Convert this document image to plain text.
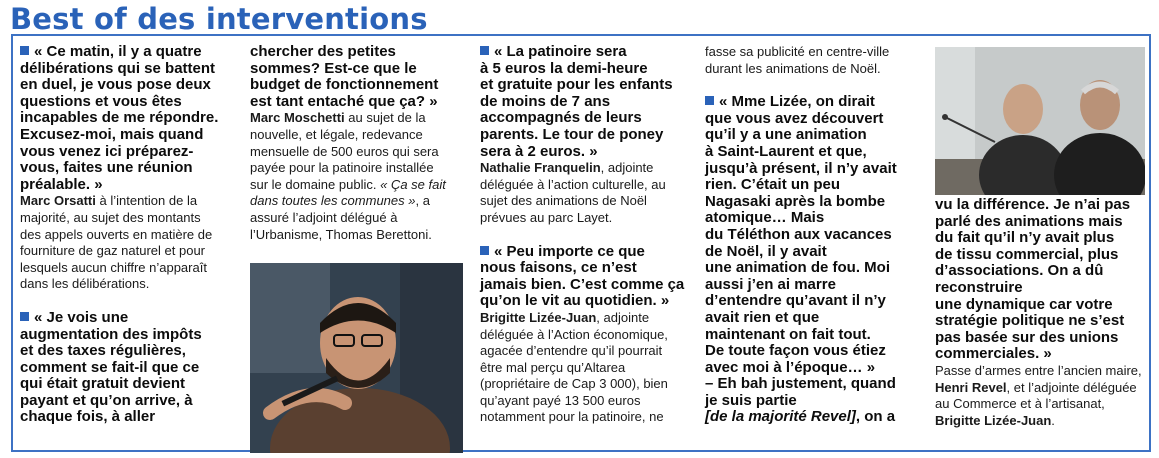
Best of des interventions
« Ce matin, il y a quatre
délibérations qui se battent
en duel, je vous pose deux
questions et vous êtes
incapables de me répondre.
Excusez-moi, mais quand
vous venez ici préparez-
vous, faites une réunion
préalable. »
Marc Orsatti à l’intention de la
majorité, au sujet des montants
des appels ouverts en matière de
fourniture de gaz naturel et pour
lesquels aucun chiffre n’apparaît
dans les délibérations.
« Je vois une
augmentation des impôts
et des taxes régulières,
comment se fait-il que ce
qui était gratuit devient
payant et qu’on arrive, à
chaque fois, à aller
chercher des petites
sommes? Est-ce que le
budget de fonctionnement
est tant entaché que ça? »
Marc Moschetti au sujet de la
nouvelle, et légale, redevance
mensuelle de 500 euros qui sera
payée pour la patinoire installée
sur le domaine public. « Ça se fait
dans toutes les communes », a
assuré l’adjoint délégué à
l’Urbanisme, Thomas Berettoni.
« La patinoire sera
à 5 euros la demi-heure
et gratuite pour les enfants
de moins de 7 ans
accompagnés de leurs
parents. Le tour de poney
sera à 2 euros. »
Nathalie Franquelin, adjointe
déléguée à l’action culturelle, au
sujet des animations de Noël
prévues au parc Layet.
« Peu importe ce que
nous faisons, ce n’est
jamais bien. C’est comme ça
qu’on le vit au quotidien. »
Brigitte Lizée-Juan, adjointe
déléguée à l’Action économique,
agacée d’entendre qu’il pourrait
être mal perçu qu’Altarea
(propriétaire de Cap 3 000), bien
qu’ayant payé 13 500 euros
notamment pour la patinoire, ne
fasse sa publicité en centre-ville
durant les animations de Noël.
« Mme Lizée, on dirait
que vous avez découvert
qu’il y a une animation
à Saint-Laurent et que,
jusqu’à présent, il n’y avait
rien. C’était un peu
Nagasaki après la bombe
atomique… Mais
du Téléthon aux vacances
de Noël, il y avait
une animation de fou. Moi
aussi j’en ai marre
d’entendre qu’avant il n’y
avait rien et que
maintenant on fait tout.
De toute façon vous étiez
avec moi à l’époque… »
– Eh bah justement, quand
je suis partie
[de la majorité Revel], on a
vu la différence. Je n’ai pas
parlé des animations mais
du fait qu’il n’y avait plus
de tissu commercial, plus
d’associations. On a dû
reconstruire
une dynamique car votre
stratégie politique ne s’est
pas basée sur des unions
commerciales. »
Passe d’armes entre l’ancien maire,
Henri Revel, et l’adjointe déléguée
au Commerce et à l’artisanat,
Brigitte Lizée-Juan.
